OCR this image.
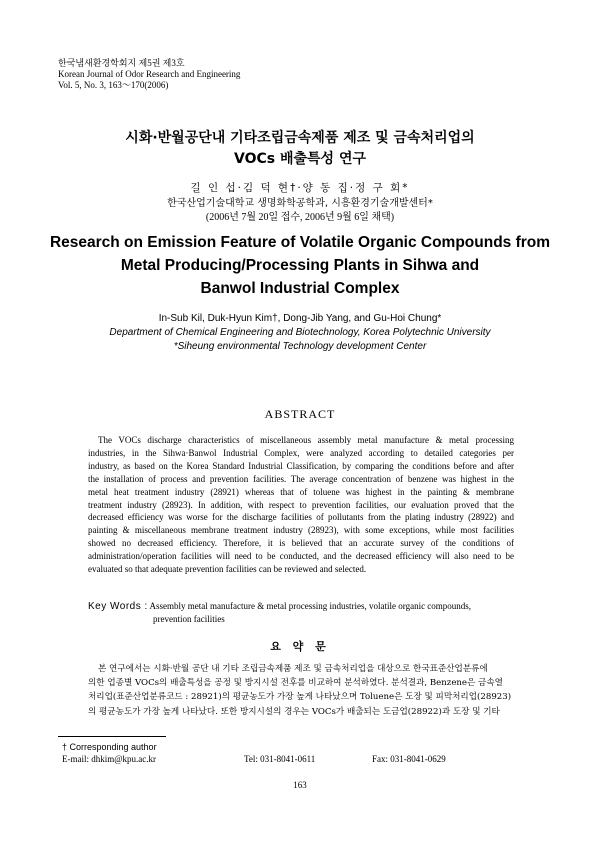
한국냄새환경학회지 제5권 제3호
Korean Journal of Odor Research and Engineering
Vol. 5, No. 3, 163～170(2006)
시화·반월공단내 기타조립금속제품 제조 및 금속처리업의
VOCs 배출특성 연구
길 인 섭·김 덕 현†·양 동 집·정 구 회*
한국산업기술대학교 생명화학공학과, 시흥환경기술개발센터*
(2006년 7월 20일 접수, 2006년 9월 6일 채택)
Research on Emission Feature of Volatile Organic Compounds from
Metal Producing/Processing Plants in Sihwa and
Banwol Industrial Complex
In-Sub Kil, Duk-Hyun Kim†, Dong-Jib Yang, and Gu-Hoi Chung*
Department of Chemical Engineering and Biotechnology, Korea Polytechnic University
*Siheung environmental Technology development Center
ABSTRACT
The VOCs discharge characteristics of miscellaneous assembly metal manufacture & metal processing
industries, in the Sihwa·Banwol Industrial Complex, were analyzed according to detailed categories per
industry, as based on the Korea Standard Industrial Classification, by comparing the conditions before and after
the installation of process and prevention facilities. The average concentration of benzene was highest in the
metal heat treatment industry (28921) whereas that of toluene was highest in the painting & membrane
treatment industry (28923). In addition, with respect to prevention facilities, our evaluation proved that the
decreased efficiency was worse for the discharge facilities of pollutants from the plating industry (28922) and
painting & miscellaneous membrane treatment industry (28923), with some exceptions, while most facilities
showed no decreased efficiency. Therefore, it is believed that an accurate survey of the conditions of
administration/operation facilities will need to be conducted, and the decreased efficiency will also need to be
evaluated so that adequate prevention facilities can be reviewed and selected.
Key Words : Assembly metal manufacture & metal processing industries, volatile organic compounds,
prevention facilities
요 약 문
본 연구에서는 시화·반월 공단 내 기타 조립금속제품 제조 및 금속처리업을 대상으로 한국표준산업분류에
의한 업종별 VOCs의 배출특성을 공정 및 방지시설 전후를 비교하여 분석하였다. 분석결과, Benzene은 금속열
처리업(표준산업분류코드 : 28921)의 평균농도가 가장 높게 나타났으며 Toluene은 도장 및 피막처리업(28923)
의 평균농도가 가장 높게 나타났다. 또한 방지시설의 경우는 VOCs가 배출되는 도금업(28922)과 도장 및 기타
† Corresponding author
E-mail: dhkim@kpu.ac.kr	Tel: 031-8041-0611	Fax: 031-8041-0629
163
